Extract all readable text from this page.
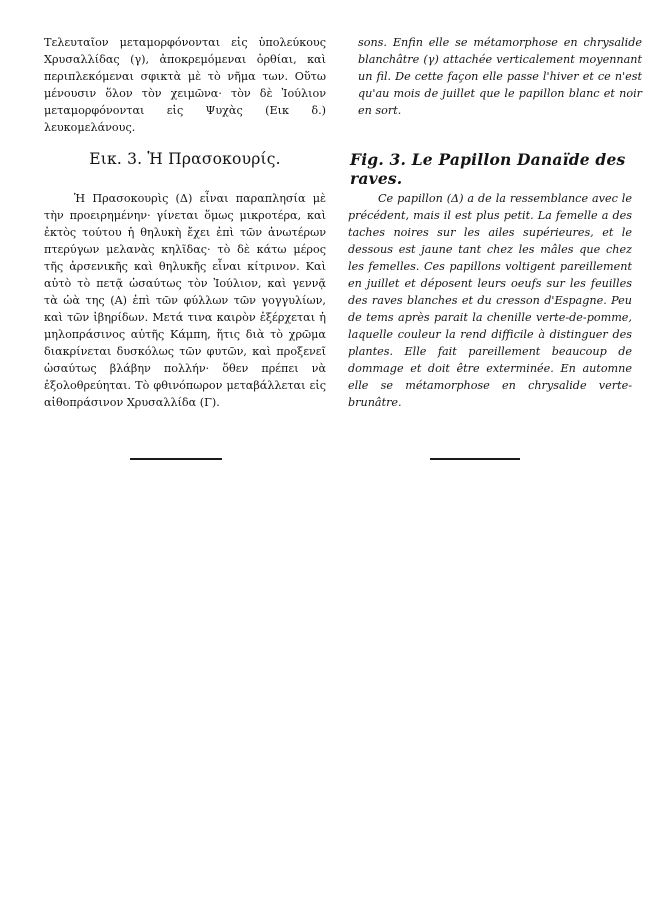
Τελευταῖον μεταμορφόνονται εἰς ὑπολεύκους Χρυσαλλίδας (γ), ἀποκρεμόμεναι ὀρθίαι, καὶ περιπλεκόμεναι σφικτὰ μὲ τὸ νῆμα των. Οὕτω μένουσιν ὅλον τὸν χειμῶνα· τὸν δὲ Ἰούλιον μεταμορφόνονται εἰς Ψυχὰς (Εικ δ.) λευκομελάνους.

Εικ. 3. Ἡ Πρασοκουρίς.

Ἡ Πρασοκουρὶς (Δ) εἶναι παραπλησία μὲ τὴν προειρημένην· γίνεται ὅμως μικροτέρα, καὶ ἐκτὸς τούτου ἡ θηλυκὴ ἔχει ἐπὶ τῶν ἀνωτέρων πτερύγων μελανὰς κηλῖδας· τὸ δὲ κάτω μέρος τῆς ἀρσενικῆς καὶ θηλυκῆς εἶναι κίτρινον. Καὶ αὐτὸ τὸ πετᾷ ὡσαύτως τὸν Ἰούλιον, καὶ γεννᾷ τὰ ὠὰ της (Α) ἐπὶ τῶν φύλλων τῶν γογγυλίων, καὶ τῶν ἰβηρίδων. Μετά τινα καιρὸν ἐξέρχεται ἡ μηλοπράσινος αὐτῆς Κάμπη, ἥτις διὰ τὸ χρῶμα διακρίνεται δυσκόλως τῶν φυτῶν, καὶ προξενεῖ ὡσαύτως βλάβην πολλήν· ὅθεν πρέπει νὰ ἐξολοθρεύηται. Τὸ φθινόπωρον μεταβάλλεται εἰς αἰθοπράσινον Χρυσαλλίδα (Γ).

sons. Enfin elle se métamorphose en chrysalide blanchâtre (γ) attachée verticalement moyennant un fil. De cette façon elle passe l'hiver et ce n'est qu'au mois de juillet que le papillon blanc et noir en sort.

Fig. 3. Le Papillon Danaïde des raves.

Ce papillon (Δ) a de la ressemblance avec le précédent, mais il est plus petit. La femelle a des taches noires sur les ailes supérieures, et le dessous est jaune tant chez les mâles que chez les femelles. Ces papillons voltigent pareillement en juillet et déposent leurs oeufs sur les feuilles des raves blanches et du cresson d'Espagne. Peu de tems après parait la chenille verte-de-pomme, laquelle couleur la rend difficile à distinguer des plantes. Elle fait pareillement beaucoup de dommage et doit être exterminée. En automne elle se métamorphose en chrysalide verte-brunâtre.
